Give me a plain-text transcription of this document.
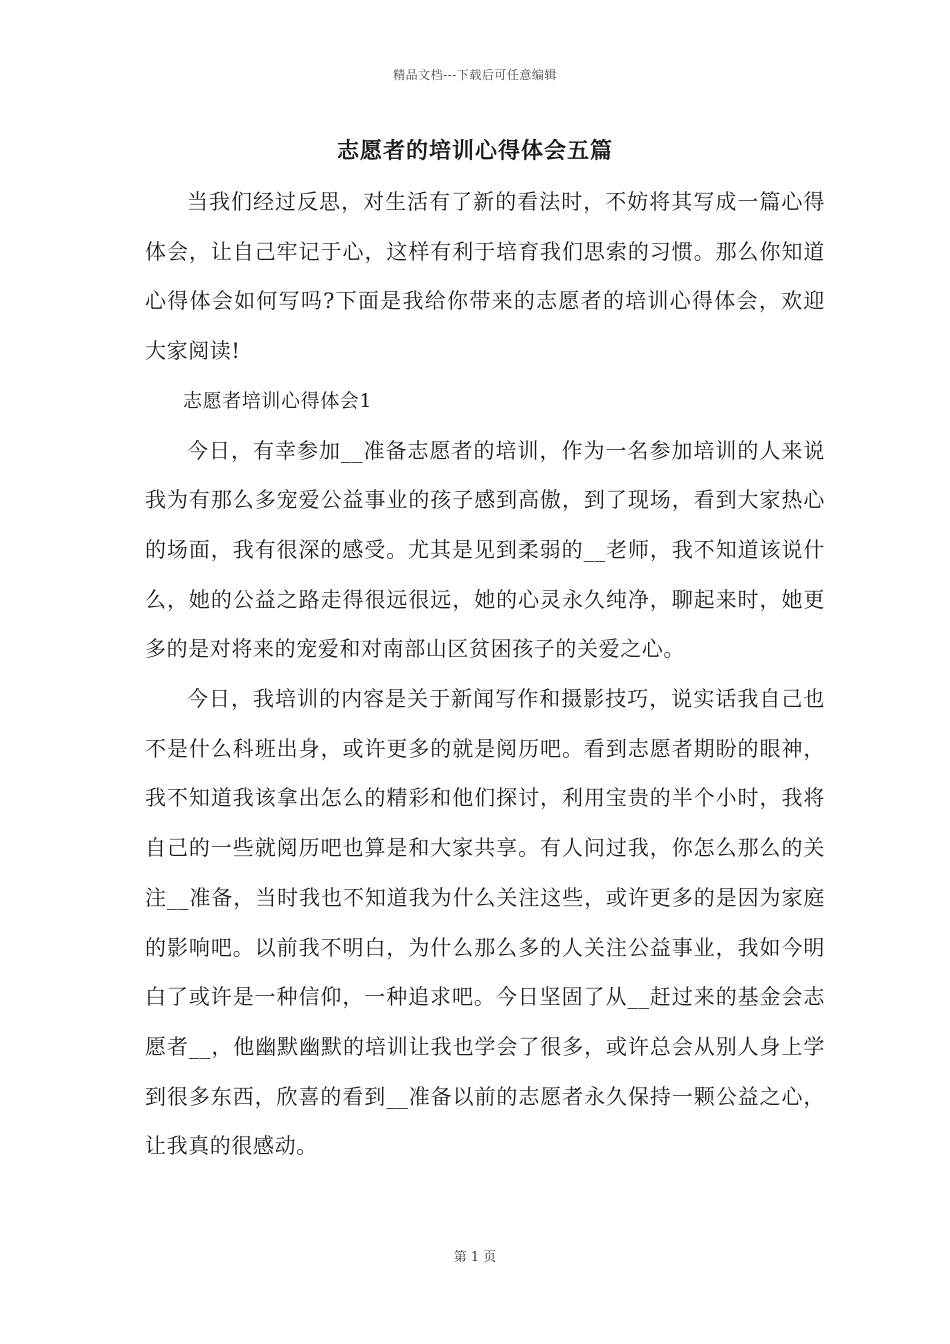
精品文档---下载后可任意编辑
志愿者的培训心得体会五篇

当我们经过反思，对生活有了新的看法时，不妨将其写成一篇心得体会，让自己牢记于心，这样有利于培育我们思索的习惯。那么你知道心得体会如何写吗?下面是我给你带来的志愿者的培训心得体会，欢迎大家阅读!

志愿者培训心得体会1

今日，有幸参加__准备志愿者的培训，作为一名参加培训的人来说我为有那么多宠爱公益事业的孩子感到高傲，到了现场，看到大家热心的场面，我有很深的感受。尤其是见到柔弱的__老师，我不知道该说什么，她的公益之路走得很远很远，她的心灵永久纯净，聊起来时，她更多的是对将来的宠爱和对南部山区贫困孩子的关爱之心。

今日，我培训的内容是关于新闻写作和摄影技巧，说实话我自己也不是什么科班出身，或许更多的就是阅历吧。看到志愿者期盼的眼神，我不知道我该拿出怎么的精彩和他们探讨，利用宝贵的半个小时，我将自己的一些就阅历吧也算是和大家共享。有人问过我，你怎么那么的关注__准备，当时我也不知道我为什么关注这些，或许更多的是因为家庭的影响吧。以前我不明白，为什么那么多的人关注公益事业，我如今明白了或许是一种信仰，一种追求吧。今日坚固了从__赶过来的基金会志愿者__，他幽默幽默的培训让我也学会了很多，或许总会从别人身上学到很多东西，欣喜的看到__准备以前的志愿者永久保持一颗公益之心，让我真的很感动。

第 1 页
